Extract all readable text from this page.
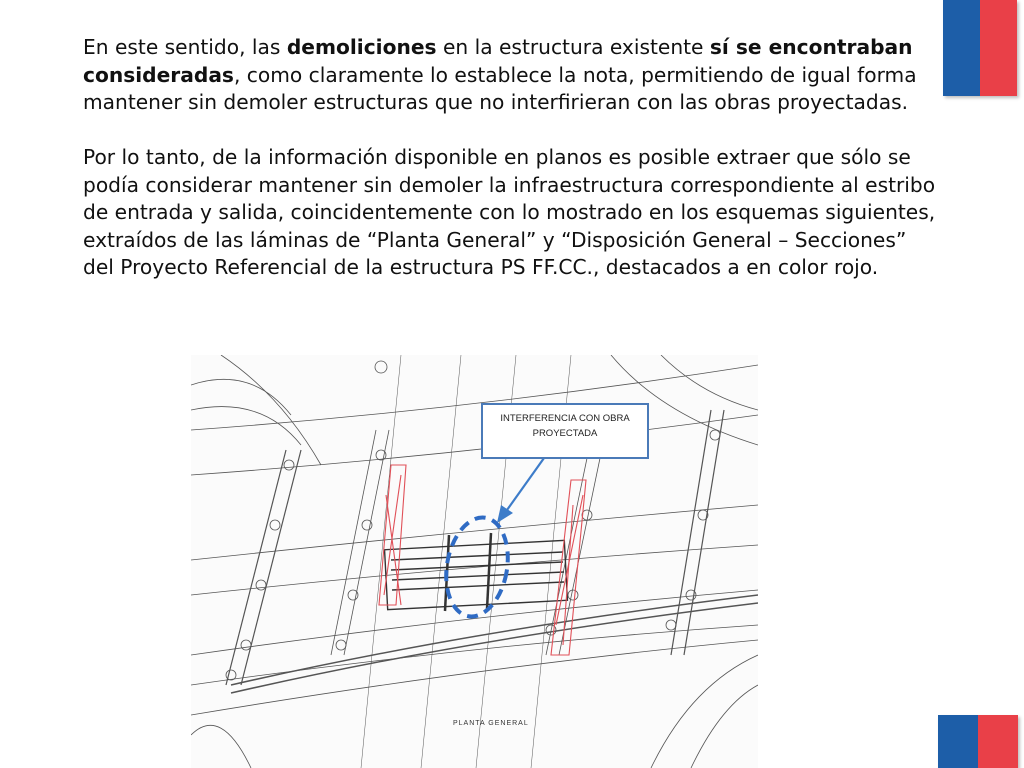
En este sentido, las demoliciones en la estructura existente sí se encontraban consideradas, como claramente lo establece la nota, permitiendo de igual forma mantener sin demoler estructuras que no interfirieran con las obras proyectadas.

Por lo tanto, de la información disponible en planos es posible extraer que sólo se podía considerar mantener sin demoler la infraestructura correspondiente al estribo de entrada y salida, coincidentemente con lo mostrado en los esquemas siguientes, extraídos de las láminas de “Planta General” y “Disposición General – Secciones” del Proyecto Referencial de la estructura PS FF.CC., destacados a en color rojo.

INTERFERENCIA CON OBRA
PROYECTADA
PLANTA GENERAL
